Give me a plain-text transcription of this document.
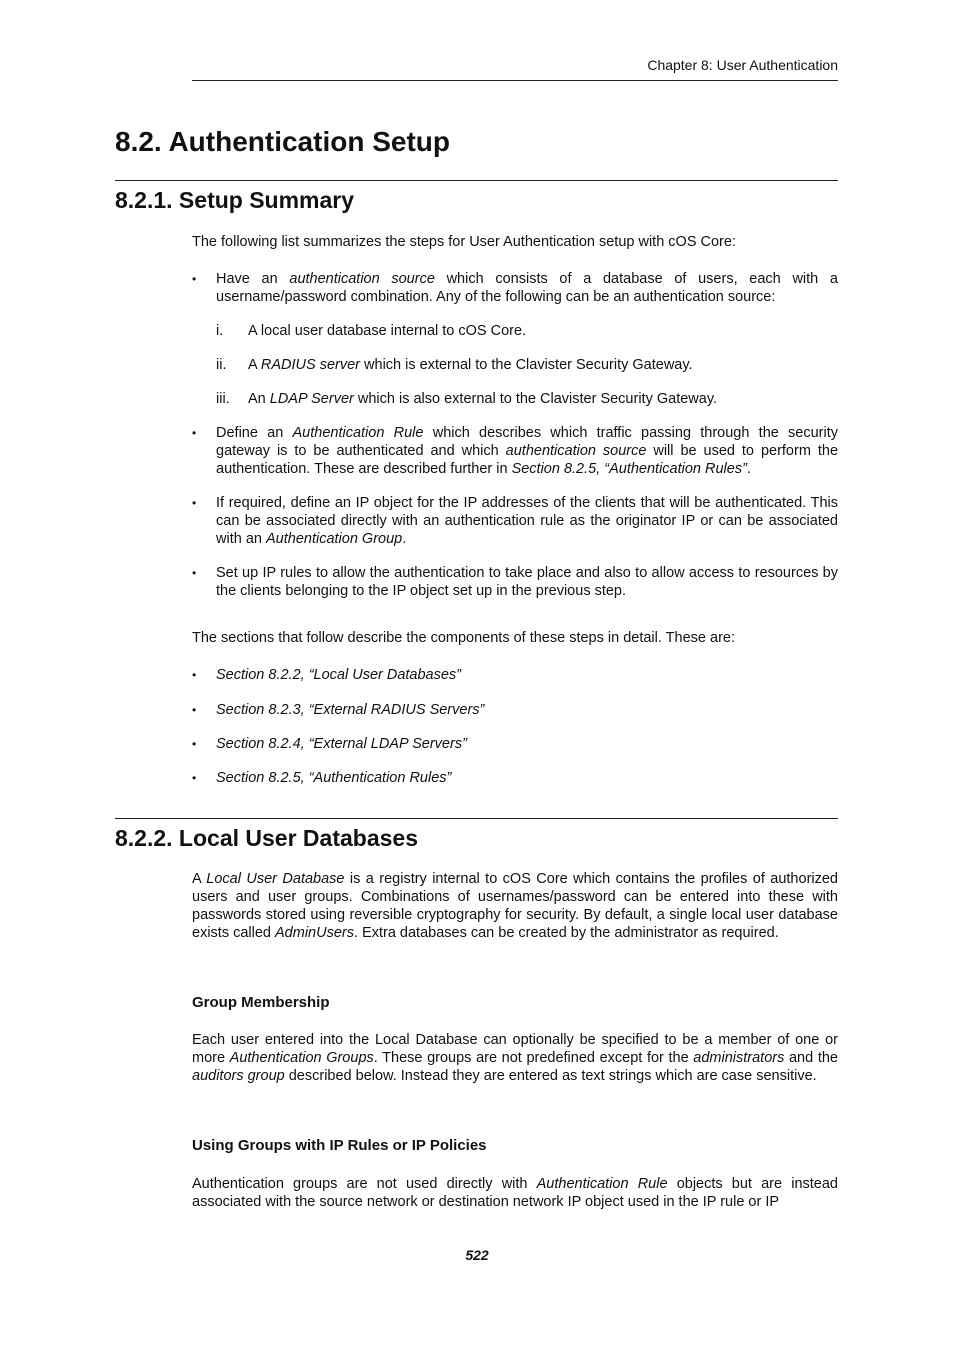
Chapter 8: User Authentication
8.2. Authentication Setup
8.2.1. Setup Summary

The following list summarizes the steps for User Authentication setup with cOS Core:

•	Have an authentication source which consists of a database of users, each with a username/password combination. Any of the following can be an authentication source:

i.	A local user database internal to cOS Core.

ii.	A RADIUS server which is external to the Clavister Security Gateway.

iii.	An LDAP Server which is also external to the Clavister Security Gateway.

•	Define an Authentication Rule which describes which traffic passing through the security gateway is to be authenticated and which authentication source will be used to perform the authentication. These are described further in Section 8.2.5, “Authentication Rules”.

•	If required, define an IP object for the IP addresses of the clients that will be authenticated. This can be associated directly with an authentication rule as the originator IP or can be associated with an Authentication Group.

•	Set up IP rules to allow the authentication to take place and also to allow access to resources by the clients belonging to the IP object set up in the previous step.

The sections that follow describe the components of these steps in detail. These are:

•	Section 8.2.2, “Local User Databases”
•	Section 8.2.3, “External RADIUS Servers”
•	Section 8.2.4, “External LDAP Servers”
•	Section 8.2.5, “Authentication Rules”
8.2.2. Local User Databases

A Local User Database is a registry internal to cOS Core which contains the profiles of authorized users and user groups. Combinations of usernames/password can be entered into these with passwords stored using reversible cryptography for security. By default, a single local user database exists called AdminUsers. Extra databases can be created by the administrator as required.

Group Membership

Each user entered into the Local Database can optionally be specified to be a member of one or more Authentication Groups. These groups are not predefined except for the administrators and the auditors group described below. Instead they are entered as text strings which are case sensitive.

Using Groups with IP Rules or IP Policies

Authentication groups are not used directly with Authentication Rule objects but are instead associated with the source network or destination network IP object used in the IP rule or IP

522
